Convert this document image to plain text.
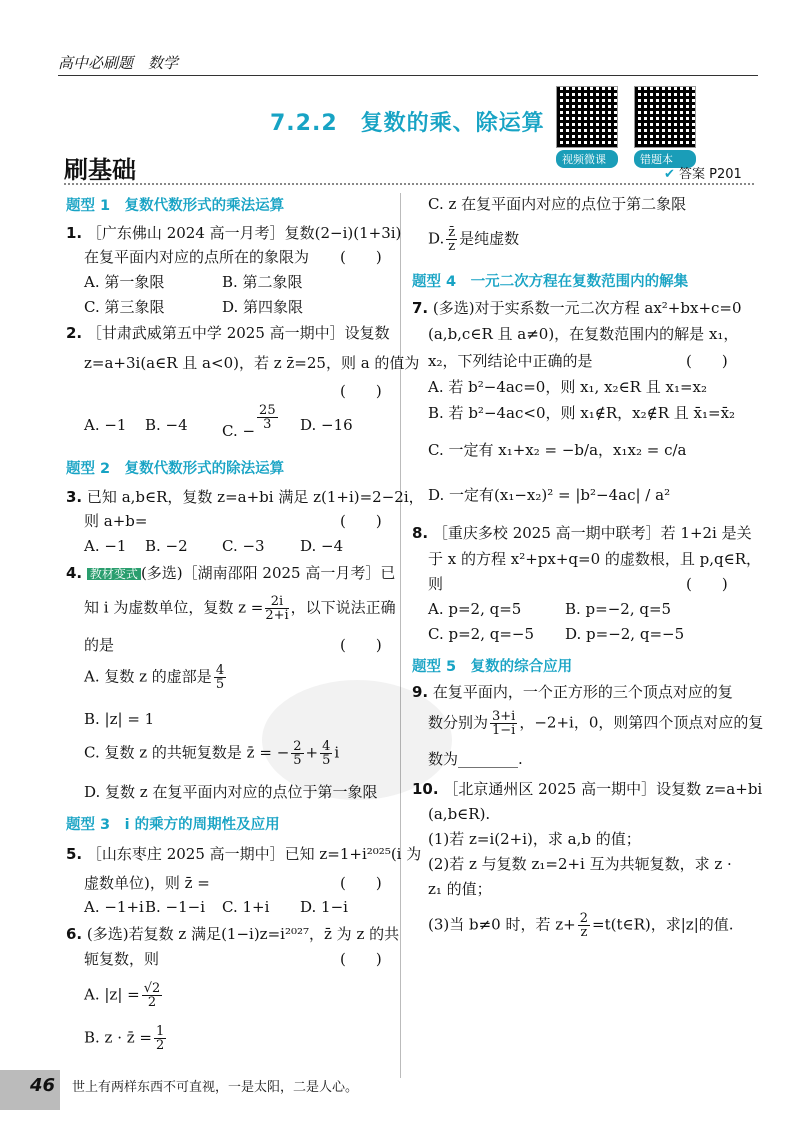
高中必刷题　数学
7.2.2　复数的乘、除运算
视频微课	错题本
刷基础	✔ 答案 P201
题型 1　复数代数形式的乘法运算
1. ［广东佛山 2024 高一月考］复数(2−i)(1+3i)
在复平面内对应的点所在的象限为 (　　)
A. 第一象限	B. 第二象限
C. 第三象限	D. 第四象限
2. ［甘肃武威第五中学 2025 高一期中］设复数
z=a+3i(a∈R 且 a<0)，若 z z̄=25，则 a 的值为
(　　)
A. −1 B. −4 C. − $\frac{25}{3} D$. −16
题型 2　复数代数形式的除法运算
3. 已知 a,b∈R，复数 z=a+bi 满足 z(1+i)=2−2i，
则 a+b=	(　　)
A. −1 B. −2 C. −3 D. −4
4. 教材变式 (多选)［湖南邵阳 2025 高一月考］已
知 i 为虚数单位，复数 $z = \frac{2i}{2+i}$ ，以下说法正确
的是	(　　)
A. 复数 z 的虚部是 $\frac{4}{5}$
B. |z| = 1
C. 复数 z 的共轭复数是 z̄ = − $\frac{2}{5} + \frac{4}{5}$ i
D. 复数 z 在复平面内对应的点位于第一象限
题型 3　i 的乘方的周期性及应用
5. ［山东枣庄 2025 高一期中］已知 z=1+i²⁰²⁵(i 为
虚数单位)，则 z̄ =	(　　)
A. −1+i B. −1−i C. 1+i D. 1−i
6. (多选)若复数 z 满足(1−i)z=i²⁰²⁷，z̄ 为 z 的共
轭复数，则	(　　)
A. $|z| = \frac{√2}{2}$
B. z · z̄ = $\frac{1}{2}$
C. z 在复平面内对应的点位于第二象限
D. $\frac{z̄}{z}$ 是纯虚数
题型 4　一元二次方程在复数范围内的解集
7. (多选)对于实系数一元二次方程 ax²+bx+c=0
(a,b,c∈R 且 a≠0)，在复数范围内的解是 x₁，
x₂，下列结论中正确的是	(　　)
A. 若 b²−4ac=0，则 x₁, x₂∈R 且 x₁=x₂
B. 若 b²−4ac<0，则 x₁∉R，x₂∉R 且 x̄₁=x̄₂
C. 一定有 x₁+x₂ = −b/a，x₁x₂ = c/a
D. 一定有(x₁−x₂)² = |b²−4ac| / a²
8. ［重庆多校 2025 高一期中联考］若 1+2i 是关
于 x 的方程 x²+px+q=0 的虚数根，且 p,q∈R，
则	(　　)
A. p=2, q=5	B. p=−2, q=5
C. p=2, q=−5 D. p=−2, q=−5
题型 5　复数的综合应用
9. 在复平面内，一个正方形的三个顶点对应的复
数分别为 $\frac{3+i}{1-i}$ ，−2+i，0，则第四个顶点对应的复
数为________.
10. ［北京通州区 2025 高一期中］设复数 z=a+bi
(a,b∈R).
(1)若 z=i(2+i)，求 a,b 的值；
(2)若 z 与复数 z₁=2+i 互为共轭复数，求 z ·
z₁ 的值；
(3)当 b≠0 时，若 $z+ \frac{2}{z}$ =t(t∈R)，求|z|的值.
46 世上有两样东西不可直视，一是太阳，二是人心。
